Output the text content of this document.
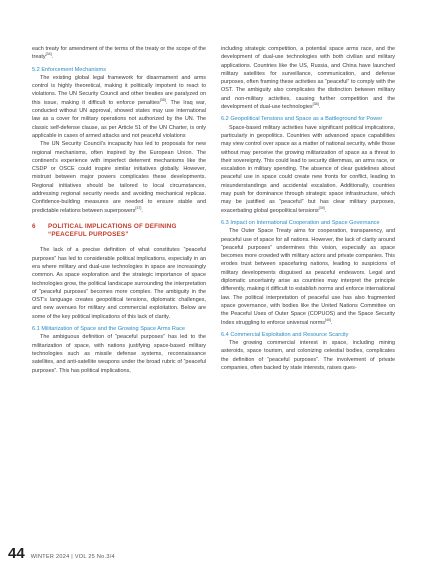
each treaty for amendment of the terms of the treaty or the scope of the treaty[34].

5.2 Enforcement Mechanisms

The existing global legal framework for disarmament and arms control is highly theoretical, making it politically impotent to react to violations. The UN Security Council and other treaties are paralyzed on this issue, making it difficult to enforce penalties[35]. The Iraq war, conducted without UN approval, showed states may use international law as a cover for military operations not authorized by the UN. The classic self-defense clause, as per Article 51 of the UN Charter, is only applicable in cases of armed attacks and not peaceful violations

The UN Security Council’s incapacity has led to proposals for new regional mechanisms, often inspired by the European Union. The continent’s experience with imperfect deterrent mechanisms like the CSDP or OSCE could inspire similar initiatives globally. However, mistrust between major powers complicates these developments. Regional initiatives should be tailored to local circumstances, addressing regional security needs and avoiding mechanical replicas. Confidence-building measures are needed to ensure stable and predictable relations between superpowers[37].

6 POLITICAL IMPLICATIONS OF DEFINING
“PEACEFUL PURPOSES”

The lack of a precise definition of what constitutes “peaceful purposes” has led to considerable political implications, especially in an era where military and dual-use technologies in space are increasingly common. As space exploration and the strategic importance of space technologies grow, the political landscape surrounding the interpretation of “peaceful purposes” becomes more complex. The ambiguity in the OST’s language creates geopolitical tensions, diplomatic challenges, and new avenues for military and commercial exploitation. Below are some of the key political implications of this lack of clarity.

6.1 Militarization of Space and the Growing Space Arms Race

The ambiguous definition of “peaceful purposes” has led to the militarization of space, with nations justifying space-based military technologies such as missile defense systems, reconnaissance satellites, and anti-satellite weapons under the broad rubric of “peaceful purposes”. This has political implications,

including strategic competition, a potential space arms race, and the development of dual-use technologies with both civilian and military applications. Countries like the US, Russia, and China have launched military satellites for surveillance, communication, and defense purposes, often framing these activities as “peaceful” to comply with the OST. The ambiguity also complicates the distinction between military and non-military activities, causing further competition and the development of dual-use technologies[38].

6.2 Geopolitical Tensions and Space as a Battleground for Power

Space-based military activities have significant political implications, particularly in geopolitics. Countries with advanced space capabilities may view control over space as a matter of national security, while those without may perceive the growing militarization of space as a threat to their sovereignty. This could lead to security dilemmas, an arms race, or escalation in military spending. The absence of clear guidelines about peaceful use in space could create new fronts for conflict, leading to misunderstandings and accidental escalation. Additionally, countries may push for dominance through strategic space infrastructure, which may be justified as “peaceful” but has clear military purposes, exacerbating global geopolitical tensions[39].

6.3 Impact on International Cooperation and Space Governance

The Outer Space Treaty aims for cooperation, transparency, and peaceful use of space for all nations. However, the lack of clarity around “peaceful purposes” undermines this vision, especially as space becomes more crowded with military actors and private companies. This erodes trust between spacefaring nations, leading to suspicions of military developments disguised as peaceful endeavors. Legal and diplomatic uncertainty arise as countries may interpret the principle differently, making it difficult to establish norms and enforce international law. The political interpretation of peaceful use has also fragmented space governance, with bodies like the United Nations Committee on the Peaceful Uses of Outer Space (COPUOS) and the Space Security Index struggling to enforce universal norms[40].

6.4 Commercial Exploitation and Resource Scarcity

The growing commercial interest in space, including mining asteroids, space tourism, and colonizing celestial bodies, complicates the definition of “peaceful purposes”. The involvement of private companies, often backed by state interests, raises ques-

44 WINTER 2024 | VOL 25 No.3/4
